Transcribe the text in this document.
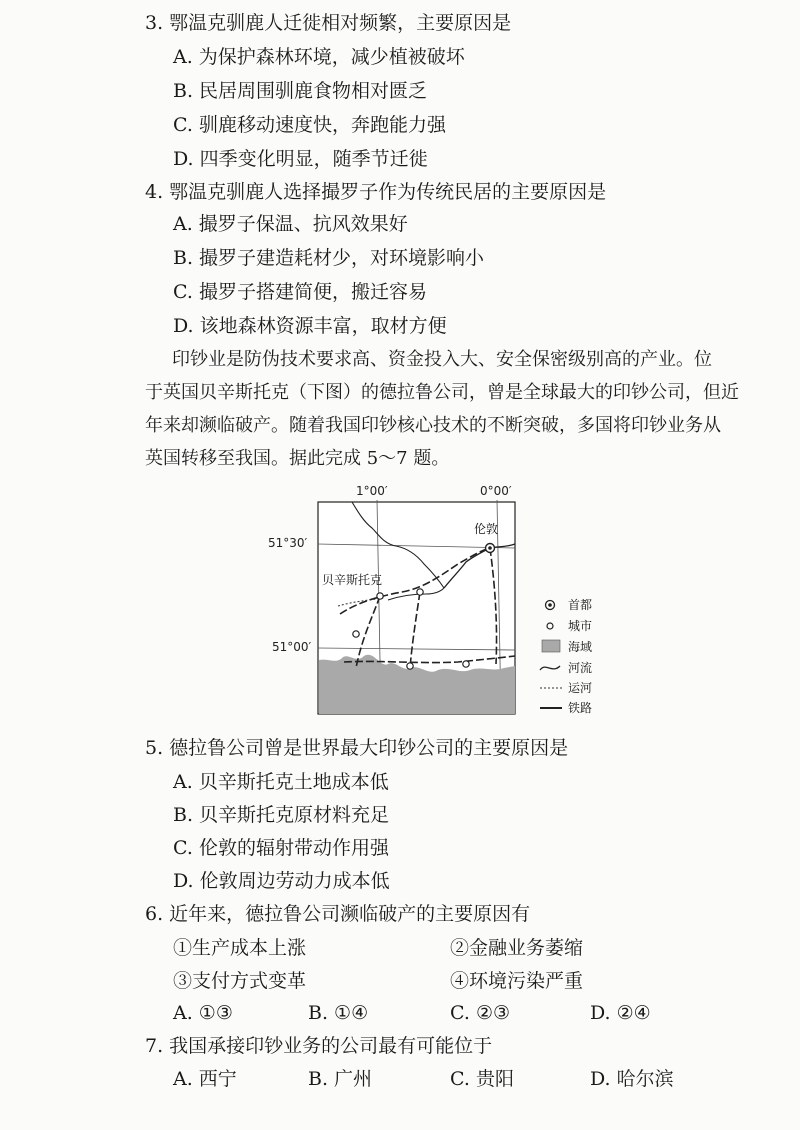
3. 鄂温克驯鹿人迁徙相对频繁，主要原因是
A. 为保护森林环境，减少植被破坏
B. 民居周围驯鹿食物相对匮乏
C. 驯鹿移动速度快，奔跑能力强
D. 四季变化明显，随季节迁徙
4. 鄂温克驯鹿人选择撮罗子作为传统民居的主要原因是
A. 撮罗子保温、抗风效果好
B. 撮罗子建造耗材少，对环境影响小
C. 撮罗子搭建简便，搬迁容易
D. 该地森林资源丰富，取材方便
印钞业是防伪技术要求高、资金投入大、安全保密级别高的产业。位
于英国贝辛斯托克（下图）的德拉鲁公司，曾是全球最大的印钞公司，但近
年来却濒临破产。随着我国印钞核心技术的不断突破，多国将印钞业务从
英国转移至我国。据此完成 5～7 题。
1°00′	0°00′
51°30′
51°00′
伦敦
贝辛斯托克
首都
城市
海域
河流
运河
铁路
5. 德拉鲁公司曾是世界最大印钞公司的主要原因是
A. 贝辛斯托克土地成本低
B. 贝辛斯托克原材料充足
C. 伦敦的辐射带动作用强
D. 伦敦周边劳动力成本低
6. 近年来，德拉鲁公司濒临破产的主要原因有
①生产成本上涨	②金融业务萎缩
③支付方式变革	④环境污染严重
A. ①③	B. ①④	C. ②③	D. ②④
7. 我国承接印钞业务的公司最有可能位于
A. 西宁	B. 广州	C. 贵阳	D. 哈尔滨
